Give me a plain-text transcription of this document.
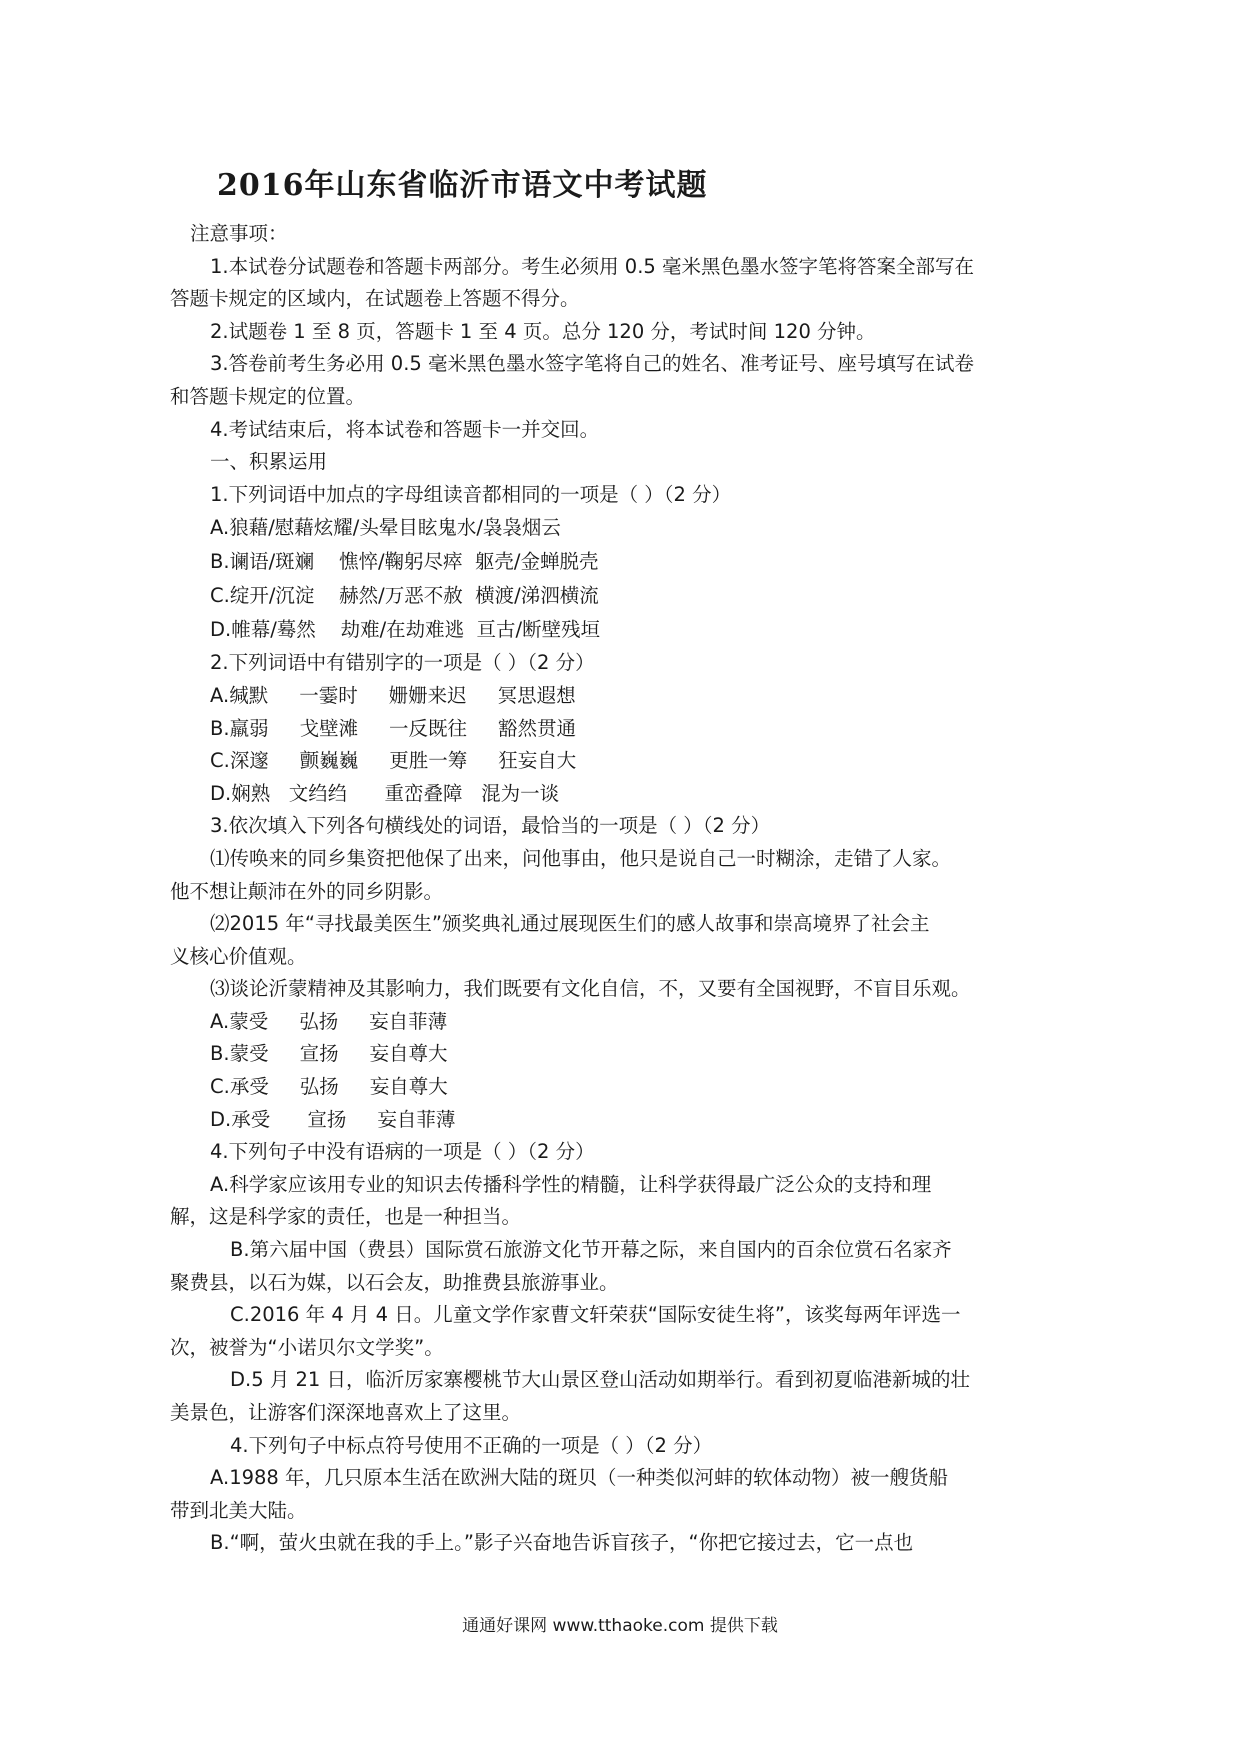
2016年山东省临沂市语文中考试题

注意事项：

1.本试卷分试题卷和答题卡两部分。考生必须用 0.5 毫米黑色墨水签字笔将答案全部写在

答题卡规定的区域内，在试题卷上答题不得分。

2.试题卷 1 至 8 页，答题卡 1 至 4 页。总分 120 分，考试时间 120 分钟。

3.答卷前考生务必用 0.5 毫米黑色墨水签字笔将自己的姓名、准考证号、座号填写在试卷

和答题卡规定的位置。

4.考试结束后，将本试卷和答题卡一并交回。

一、积累运用

1.下列词语中加点的字母组读音都相同的一项是（ ）（2 分）

A.狼藉/慰藉炫耀/头晕目眩鬼水/袅袅烟云

B.谰语/斑斓    憔悴/鞠躬尽瘁  躯壳/金蝉脱壳

C.绽开/沉淀    赫然/万恶不赦  横渡/涕泗横流

D.帷幕/蓦然    劫难/在劫难逃  亘古/断壁残垣

2.下列词语中有错别字的一项是（ ）（2 分）

A.缄默     一霎时     姗姗来迟     冥思遐想

B.羸弱     戈壁滩     一反既往     豁然贯通

C.深邃     颤巍巍     更胜一筹     狂妄自大

D.娴熟   文绉绉      重峦叠障   混为一谈

3.依次填入下列各句横线处的词语，最恰当的一项是（ ）（2 分）

⑴传唤来的同乡集资把他保了出来，问他事由，他只是说自己一时糊涂，走错了人家。

他不想让颠沛在外的同乡阴影。

⑵2015 年“寻找最美医生”颁奖典礼通过展现医生们的感人故事和崇高境界了社会主

义核心价值观。

⑶谈论沂蒙精神及其影响力，我们既要有文化自信，不，又要有全国视野，不盲目乐观。

A.蒙受     弘扬     妄自菲薄

B.蒙受     宣扬     妄自尊大

C.承受     弘扬     妄自尊大

D.承受      宣扬     妄自菲薄

4.下列句子中没有语病的一项是（ ）（2 分）

A.科学家应该用专业的知识去传播科学性的精髓，让科学获得最广泛公众的支持和理

解，这是科学家的责任，也是一种担当。

B.第六届中国（费县）国际赏石旅游文化节开幕之际，来自国内的百余位赏石名家齐

聚费县，以石为媒，以石会友，助推费县旅游事业。

C.2016 年 4 月 4 日。儿童文学作家曹文轩荣获“国际安徒生将”，该奖每两年评选一

次，被誉为“小诺贝尔文学奖”。

D.5 月 21 日，临沂厉家寨樱桃节大山景区登山活动如期举行。看到初夏临港新城的壮

美景色，让游客们深深地喜欢上了这里。

4.下列句子中标点符号使用不正确的一项是（ ）（2 分）

A.1988 年，几只原本生活在欧洲大陆的斑贝（一种类似河蚌的软体动物）被一艘货船

带到北美大陆。

B.“啊，萤火虫就在我的手上。”影子兴奋地告诉盲孩子，“你把它接过去，它一点也

通通好课网 www.tthaoke.com 提供下载
